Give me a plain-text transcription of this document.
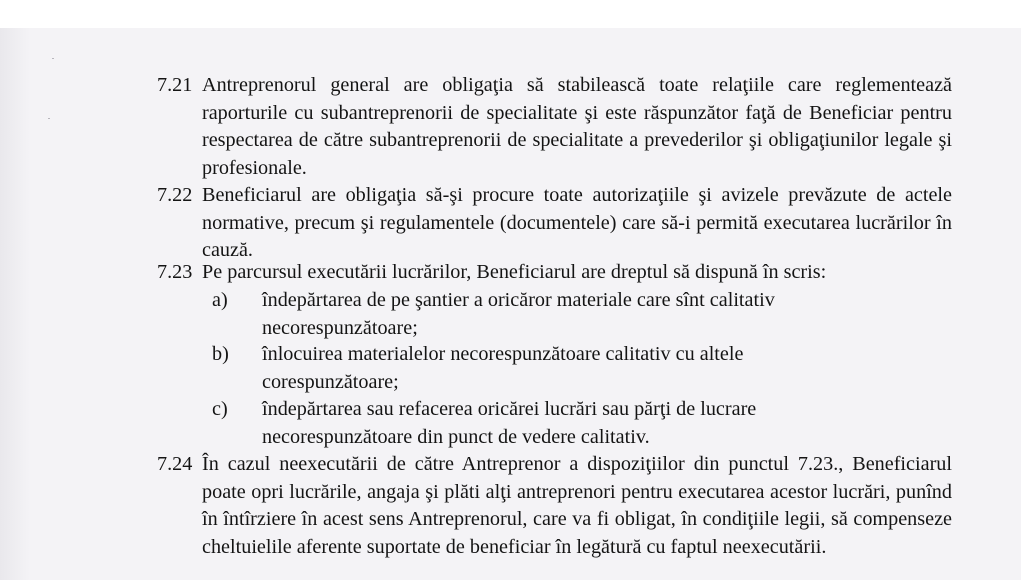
7.21 Antreprenorul general are obligaţia să stabilească toate relaţiile care reglementează raporturile cu subantreprenorii de specialitate şi este răspunzător faţă de Beneficiar pentru respectarea de către subantreprenorii de specialitate a prevederilor şi obligaţiunilor legale şi profesionale.
7.22 Beneficiarul are obligaţia să-şi procure toate autorizaţiile şi avizele prevăzute de actele normative, precum şi regulamentele (documentele) care să-i permită executarea lucrărilor în cauză.
7.23 Pe parcursul executării lucrărilor, Beneficiarul are dreptul să dispună în scris:
a) îndepărtarea de pe şantier a oricăror materiale care sînt calitativ necorespunzătoare;
b) înlocuirea materialelor necorespunzătoare calitativ cu altele corespunzătoare;
c) îndepărtarea sau refacerea oricărei lucrări sau părţi de lucrare necorespunzătoare din punct de vedere calitativ.
7.24 În cazul neexecutării de către Antreprenor a dispoziţiilor din punctul 7.23., Beneficiarul poate opri lucrările, angaja şi plăti alţi antreprenori pentru executarea acestor lucrări, punînd în întîrziere în acest sens Antreprenorul, care va fi obligat, în condiţiile legii, să compenseze cheltuielile aferente suportate de beneficiar în legătură cu faptul neexecutării.
